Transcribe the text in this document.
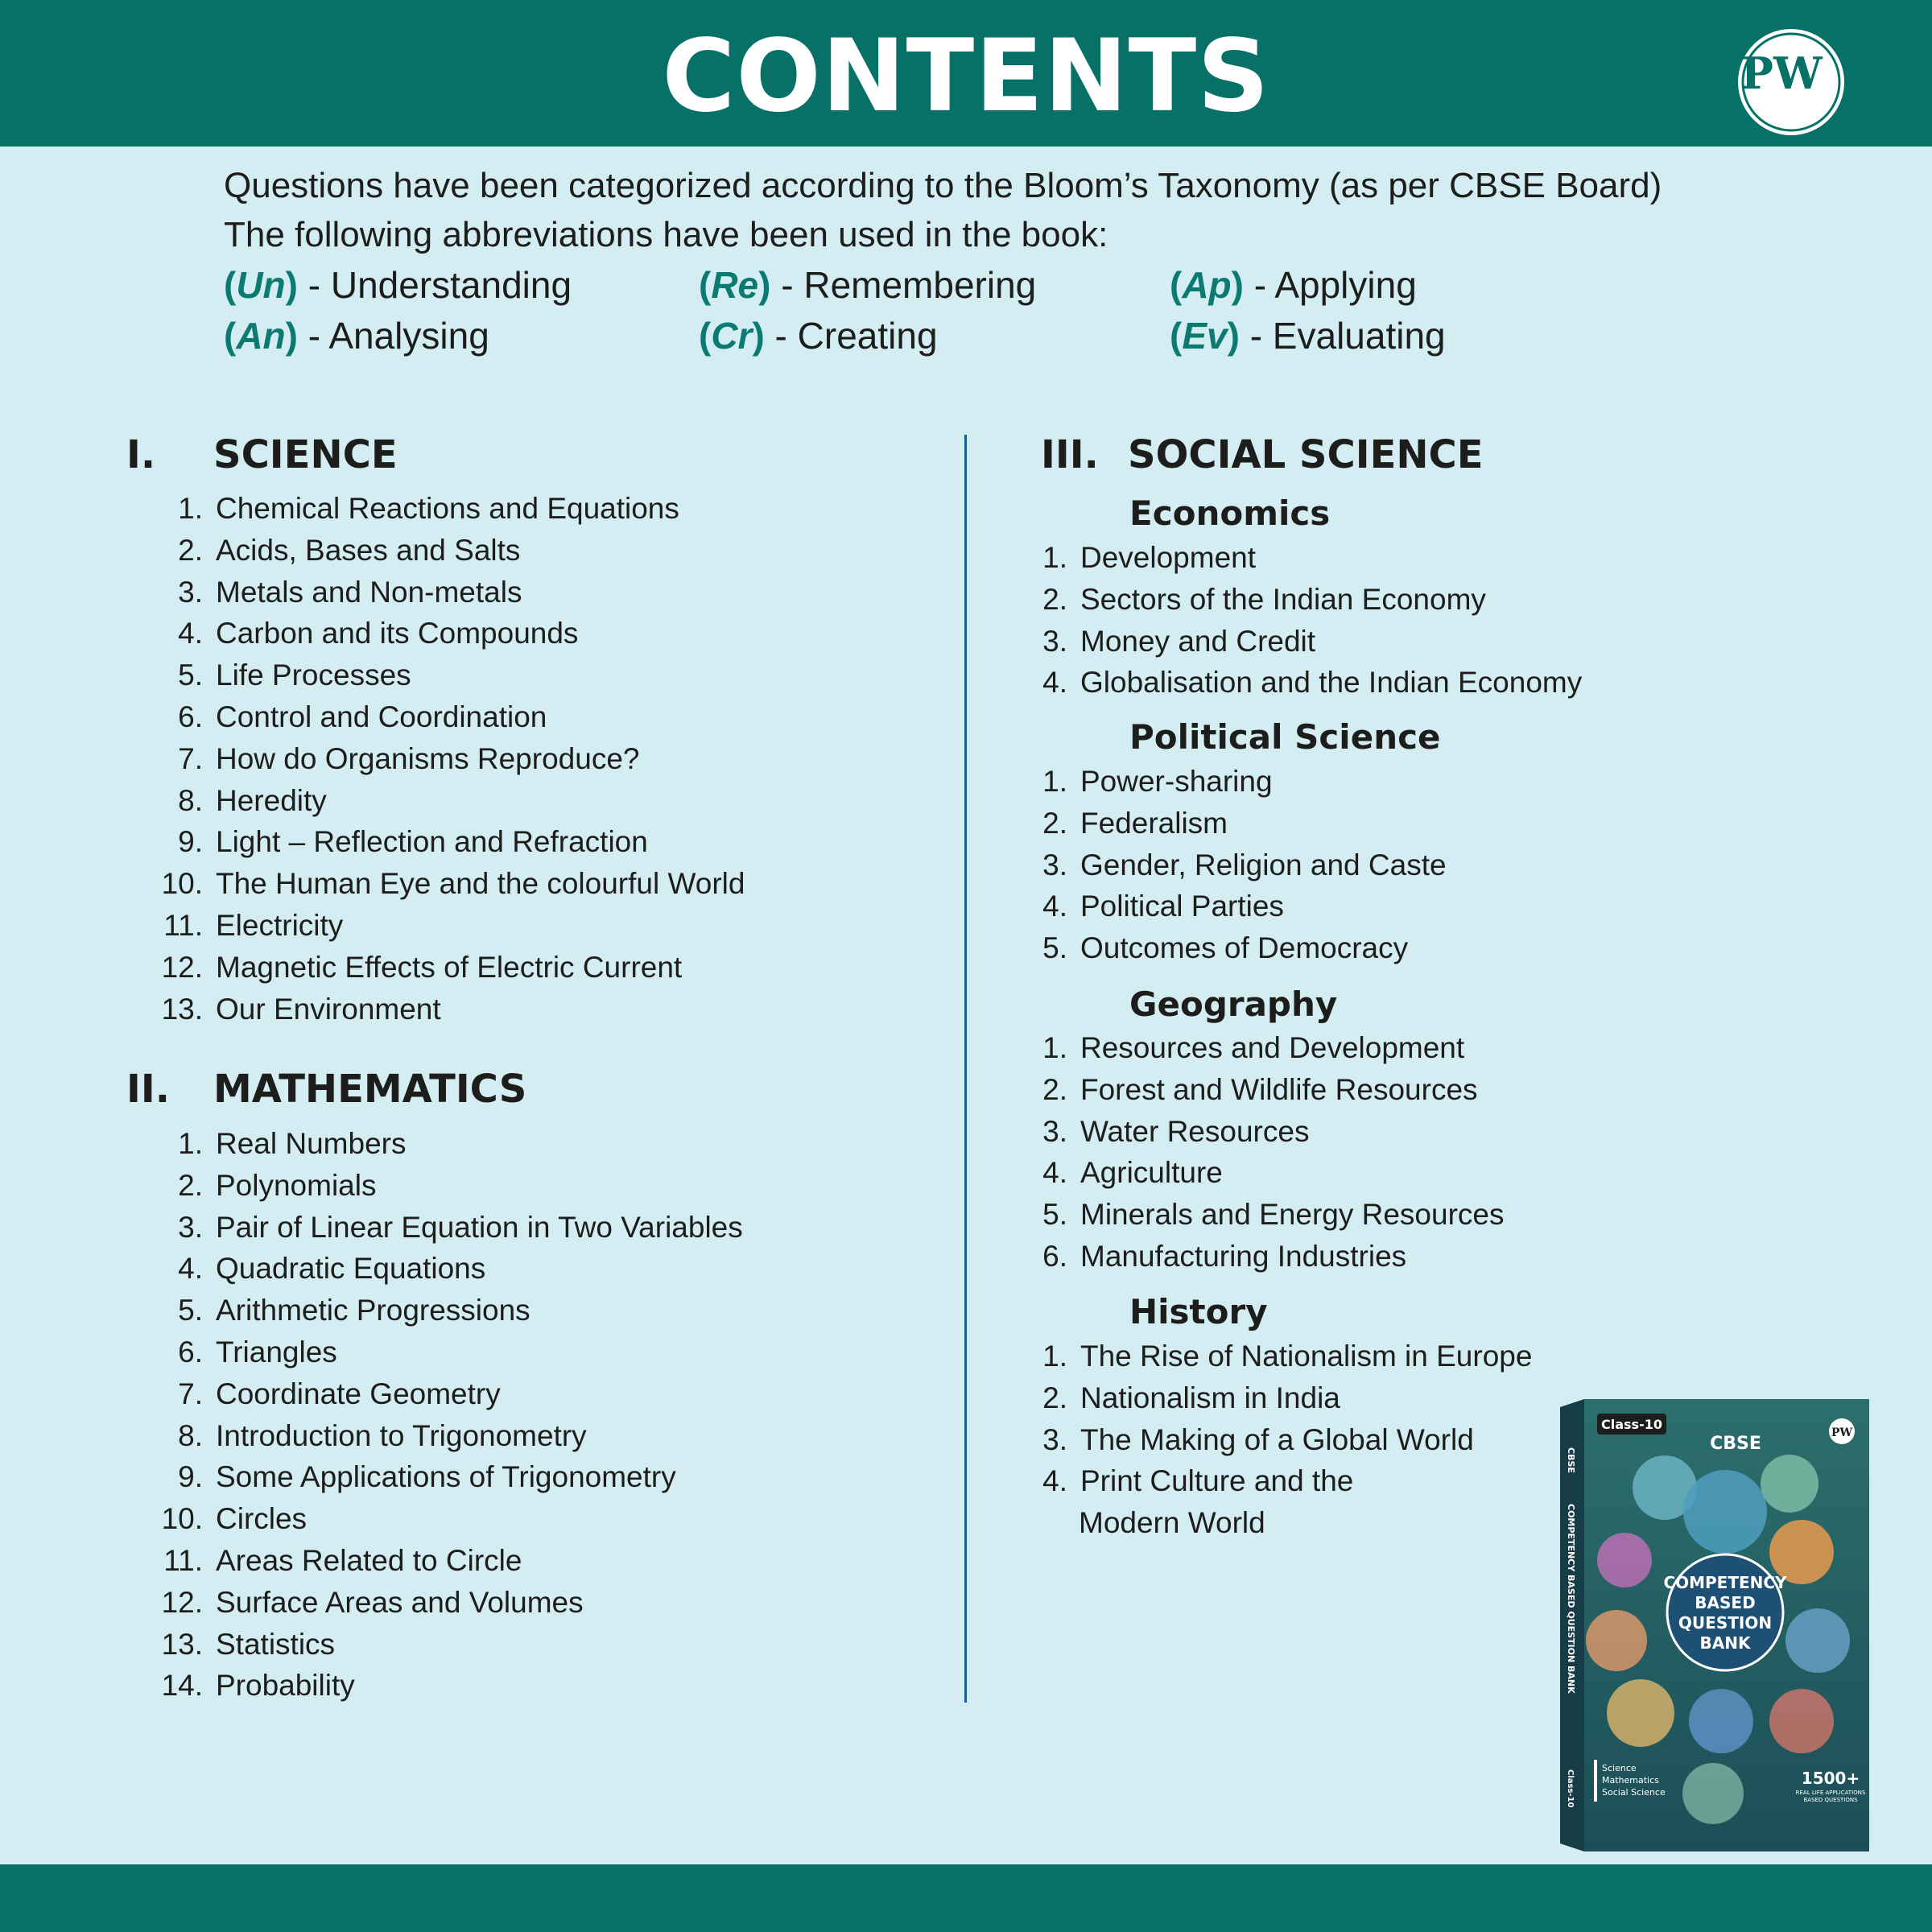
CONTENTS	PW
Questions have been categorized according to the Bloom’s Taxonomy (as per CBSE Board)
The following abbreviations have been used in the book:
(Un) - Understanding	(Re) - Remembering	(Ap) - Applying
(An) - Analysing	(Cr) - Creating	(Ev) - Evaluating
I. SCIENCE
1. Chemical Reactions and Equations
2. Acids, Bases and Salts
3. Metals and Non-metals
4. Carbon and its Compounds
5. Life Processes
6. Control and Coordination
7. How do Organisms Reproduce?
8. Heredity
9. Light – Reflection and Refraction
10. The Human Eye and the colourful World
11. Electricity
12. Magnetic Effects of Electric Current
13. Our Environment
II. MATHEMATICS
1. Real Numbers
2. Polynomials
3. Pair of Linear Equation in Two Variables
4. Quadratic Equations
5. Arithmetic Progressions
6. Triangles
7. Coordinate Geometry
8. Introduction to Trigonometry
9. Some Applications of Trigonometry
10. Circles
11. Areas Related to Circle
12. Surface Areas and Volumes
13. Statistics
14. Probability
III. SOCIAL SCIENCE
Economics
1. Development
2. Sectors of the Indian Economy
3. Money and Credit
4. Globalisation and the Indian Economy
Political Science
1. Power-sharing
2. Federalism
3. Gender, Religion and Caste
4. Political Parties
5. Outcomes of Democracy
Geography
1. Resources and Development
2. Forest and Wildlife Resources
3. Water Resources
4. Agriculture
5. Minerals and Energy Resources
6. Manufacturing Industries
History
1. The Rise of Nationalism in Europe
2. Nationalism in India
3. The Making of a Global World
4. Print Culture and the
Modern World
CBSE
COMPETENCY BASED QUESTION BANK
Class-10
Class-10
CBSE
PW
COMPETENCY
BASED
QUESTION
BANK
Science
Mathematics
Social Science
1500+
REAL LIFE APPLICATIONS
BASED QUESTIONS
